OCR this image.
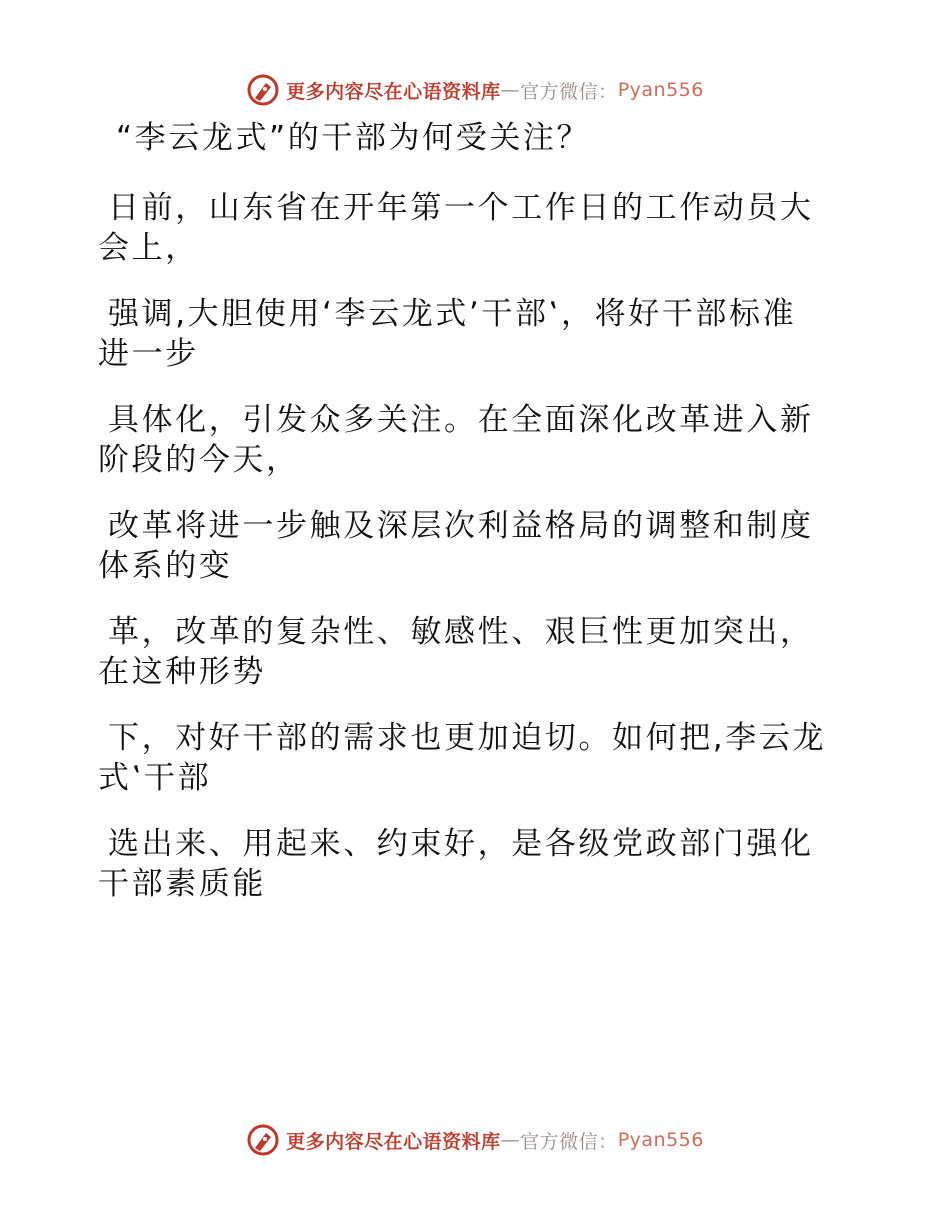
更多内容尽在心语资料库 — 官方微信： Pyan556
“李云龙式”的干部为何受关注？
日前，山东省在开年第一个工作日的工作动员大
会上，
强调,大胆使用‘李云龙式’干部‛，将好干部标准
进一步
具体化，引发众多关注。在全面深化改革进入新
阶段的今天，
改革将进一步触及深层次利益格局的调整和制度
体系的变
革，改革的复杂性、敏感性、艰巨性更加突出，
在这种形势
下，对好干部的需求也更加迫切。如何把,李云龙
式‛干部
选出来、用起来、约束好，是各级党政部门强化
干部素质能
更多内容尽在心语资料库 — 官方微信： Pyan556
